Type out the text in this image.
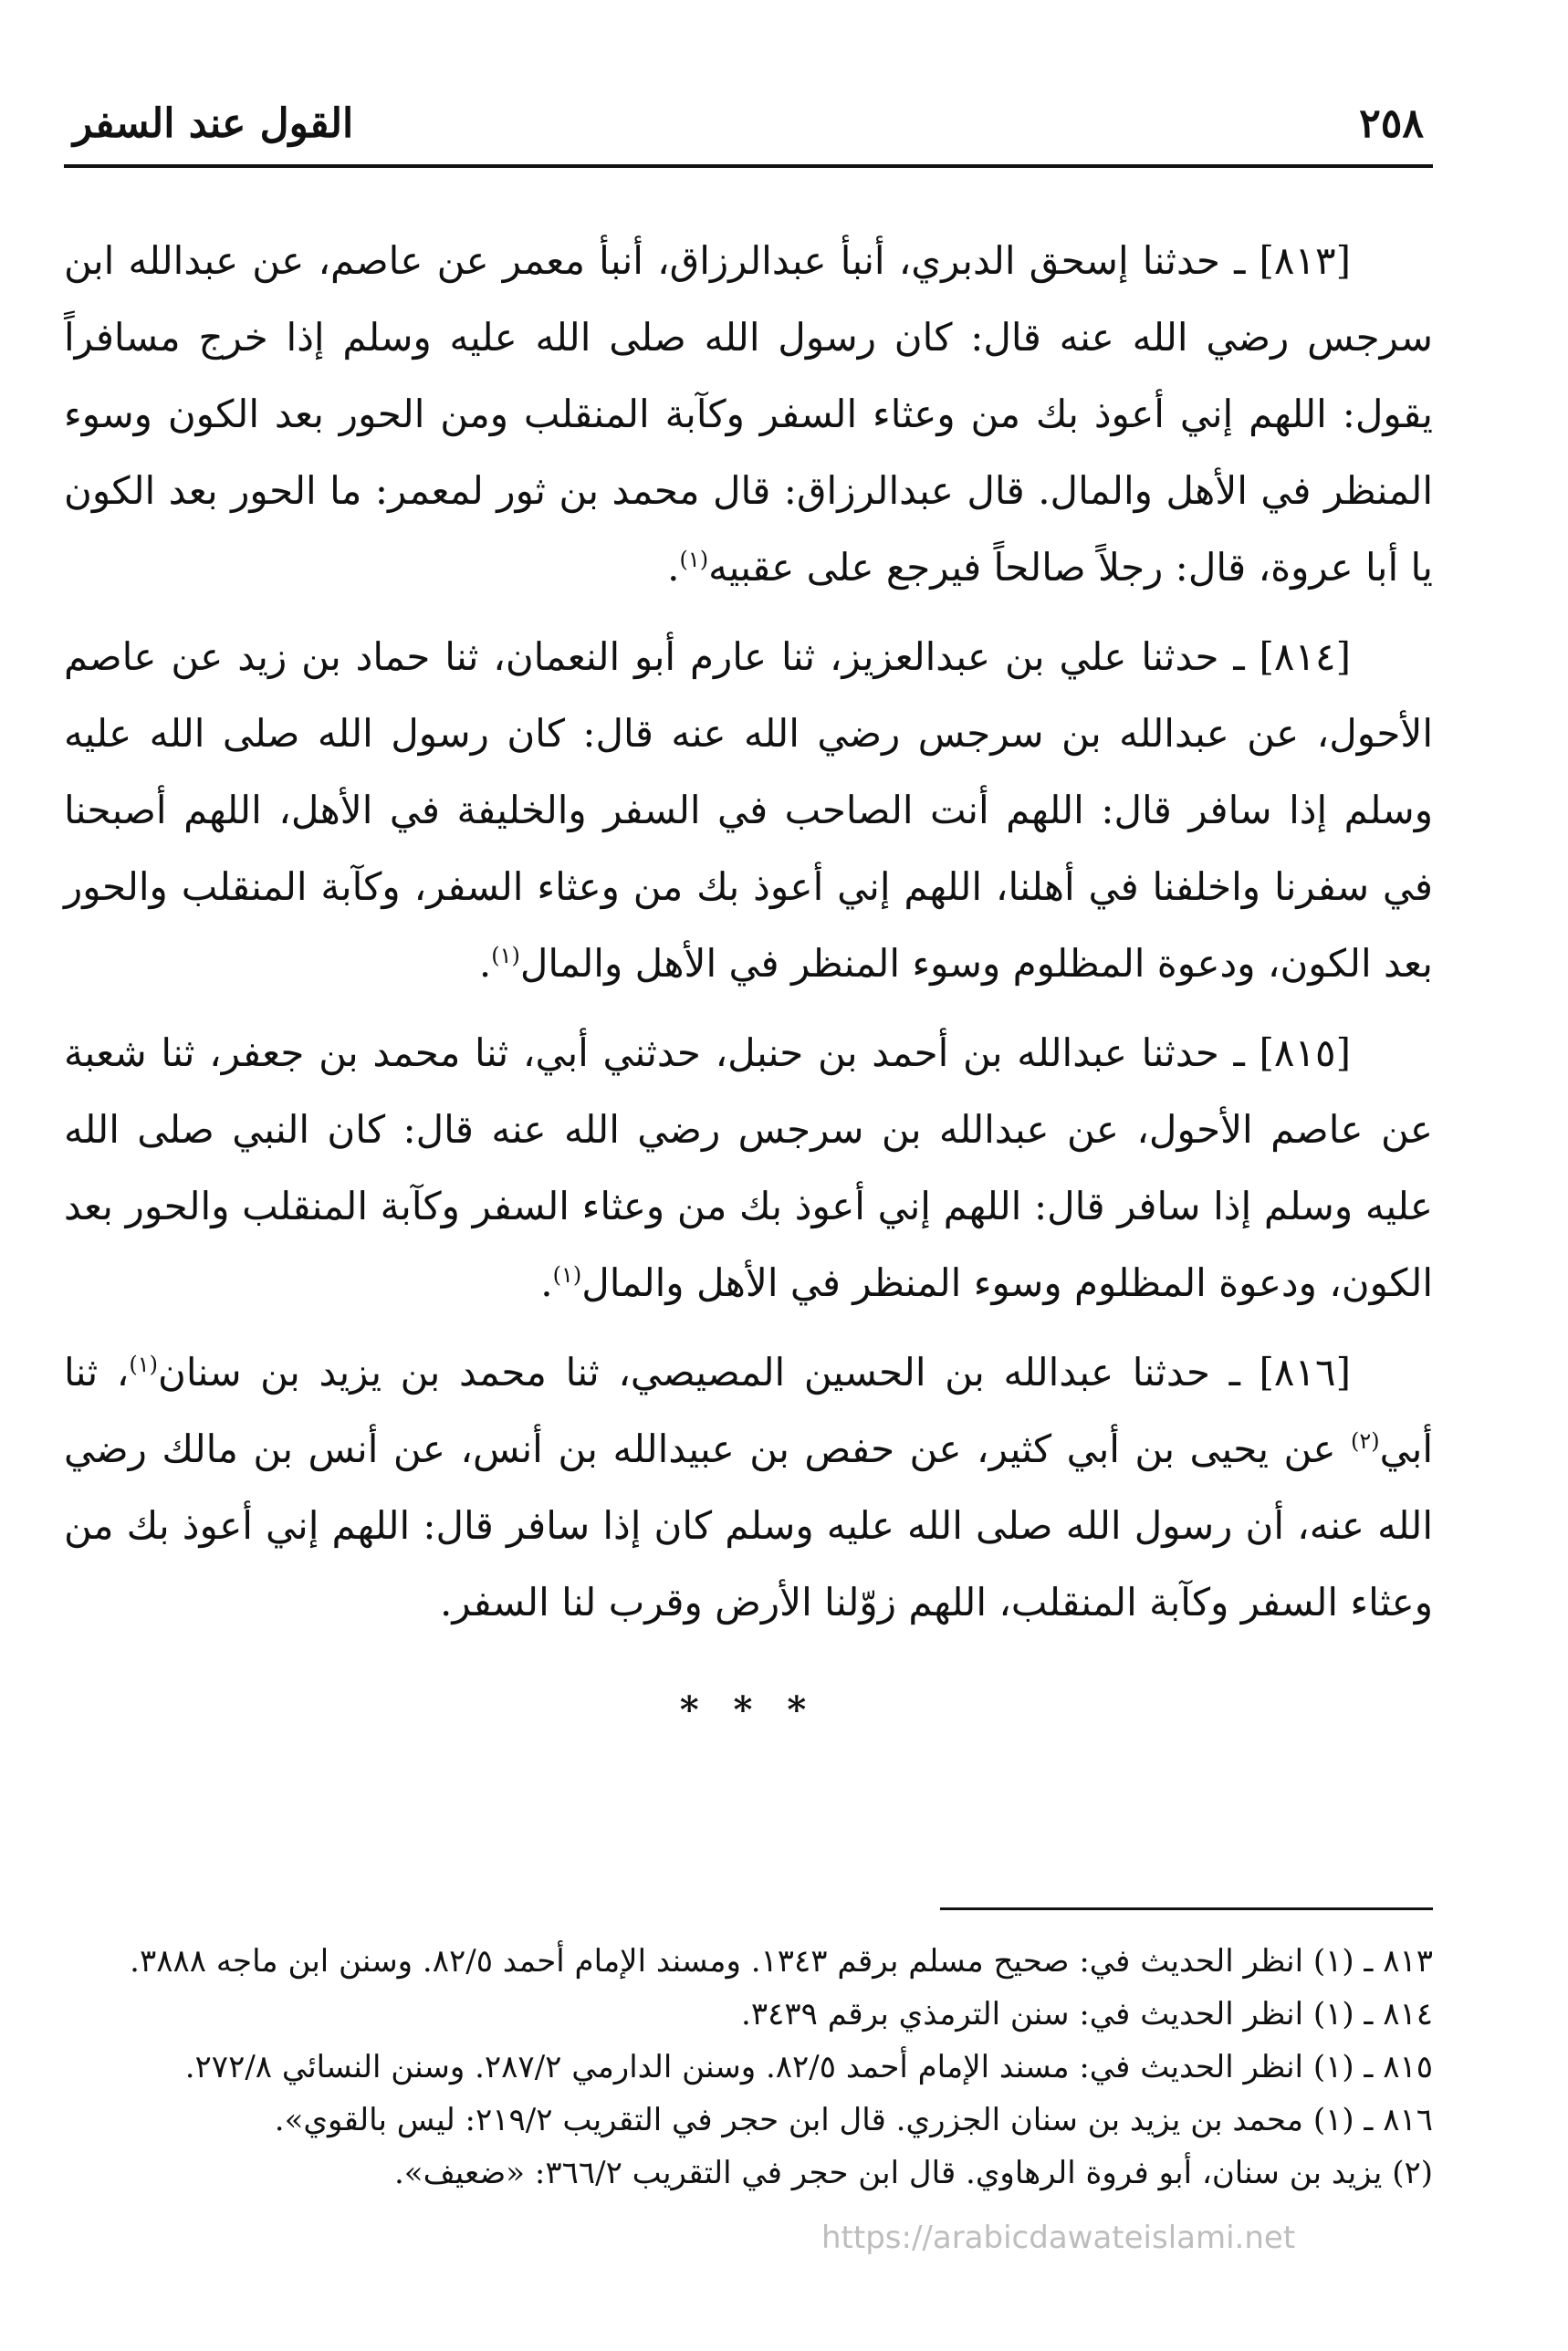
٢٥٨
القول عند السفر

[٨١٣] ـ حدثنا إسحق الدبري، أنبأ عبدالرزاق، أنبأ معمر عن عاصم، عن عبدالله ابن سرجس رضي الله عنه قال: كان رسول الله صلى الله عليه وسلم إذا خرج مسافراً يقول: اللهم إني أعوذ بك من وعثاء السفر وكآبة المنقلب ومن الحور بعد الكون وسوء المنظر في الأهل والمال. قال عبدالرزاق: قال محمد بن ثور لمعمر: ما الحور بعد الكون يا أبا عروة، قال: رجلاً صالحاً فيرجع على عقبيه$^{(١)}$.

[٨١٤] ـ حدثنا علي بن عبدالعزيز، ثنا عارم أبو النعمان، ثنا حماد بن زيد عن عاصم الأحول، عن عبدالله بن سرجس رضي الله عنه قال: كان رسول الله صلى الله عليه وسلم إذا سافر قال: اللهم أنت الصاحب في السفر والخليفة في الأهل، اللهم أصبحنا في سفرنا واخلفنا في أهلنا، اللهم إني أعوذ بك من وعثاء السفر، وكآبة المنقلب والحور بعد الكون، ودعوة المظلوم وسوء المنظر في الأهل والمال$^{(١)}$.

[٨١٥] ـ حدثنا عبدالله بن أحمد بن حنبل، حدثني أبي، ثنا محمد بن جعفر، ثنا شعبة عن عاصم الأحول، عن عبدالله بن سرجس رضي الله عنه قال: كان النبي صلى الله عليه وسلم إذا سافر قال: اللهم إني أعوذ بك من وعثاء السفر وكآبة المنقلب والحور بعد الكون، ودعوة المظلوم وسوء المنظر في الأهل والمال$^{(١)}$.

[٨١٦] ـ حدثنا عبدالله بن الحسين المصيصي، ثنا محمد بن يزيد بن سنان$^{(١)}$، ثنا أبي$^{(٢)}$ عن يحيى بن أبي كثير، عن حفص بن عبيدالله بن أنس، عن أنس بن مالك رضي الله عنه، أن رسول الله صلى الله عليه وسلم كان إذا سافر قال: اللهم إني أعوذ بك من وعثاء السفر وكآبة المنقلب، اللهم زوّلنا الأرض وقرب لنا السفر.

* * *

٨١٣ ـ (١) انظر الحديث في: صحيح مسلم برقم ١٣٤٣. ومسند الإمام أحمد ٨٢/٥. وسنن ابن ماجه ٣٨٨٨.

٨١٤ ـ (١) انظر الحديث في: سنن الترمذي برقم ٣٤٣٩.

٨١٥ ـ (١) انظر الحديث في: مسند الإمام أحمد ٨٢/٥. وسنن الدارمي ٢٨٧/٢. وسنن النسائي ٢٧٢/٨.

٨١٦ ـ (١) محمد بن يزيد بن سنان الجزري. قال ابن حجر في التقريب ٢١٩/٢: ليس بالقوي».

(٢) يزيد بن سنان، أبو فروة الرهاوي. قال ابن حجر في التقريب ٣٦٦/٢: «ضعيف».

https://arabicdawateislami.net
